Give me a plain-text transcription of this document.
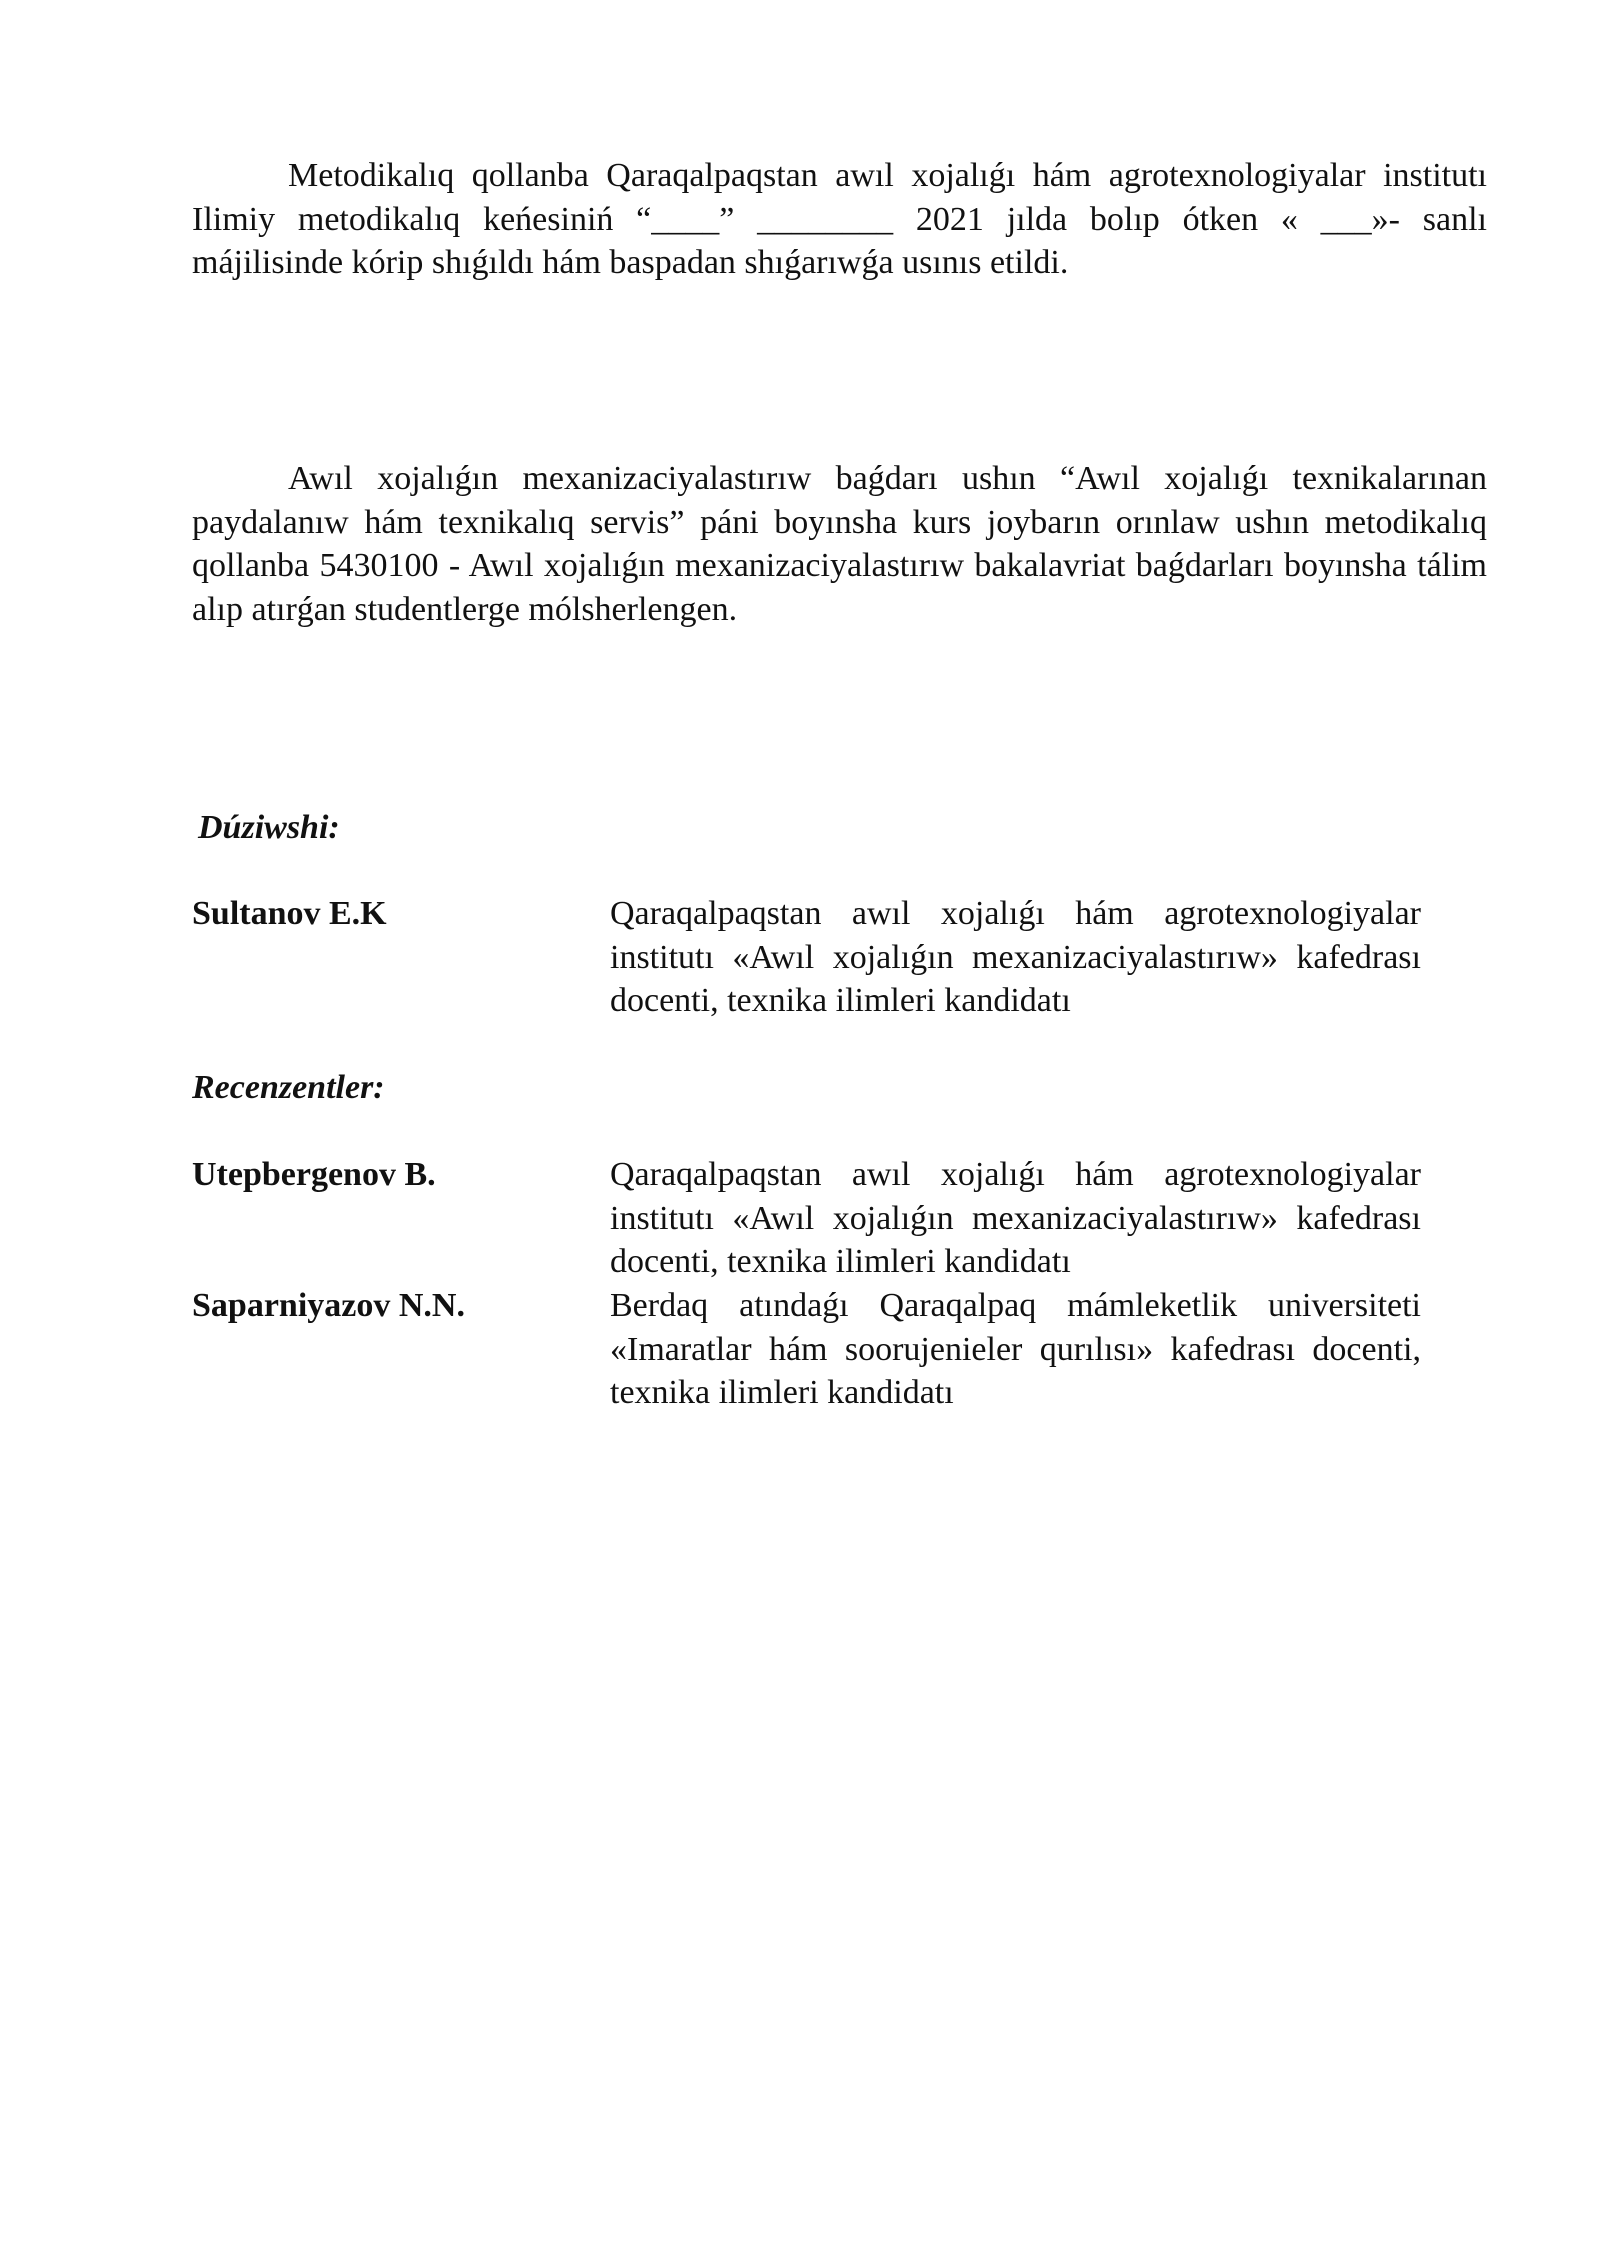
Metodikalıq qollanba Qaraqalpaqstan awıl xojalıǵı hám agrotexnologiyalar institutı Ilimiy metodikalıq keńesiniń “____” ________ 2021 jılda bolıp ótken « ___»- sanlı májilisinde kórip shıǵıldı hám baspadan shıǵarıwǵa usınıs etildi.

Awıl xojalıǵın mexanizaciyalastırıw baǵdarı ushın “Awıl xojalıǵı texnikalarınan paydalanıw hám texnikalıq servis” páni boyınsha kurs joybarın orınlaw ushın metodikalıq qollanba 5430100 - Awıl xojalıǵın mexanizaciyalastırıw bakalavriat baǵdarları boyınsha tálim alıp atırǵan studentlerge mólsherlengen.

Dúziwshi:
Sultanov E.K	Qaraqalpaqstan awıl xojalıǵı hám agrotexnologiyalar institutı «Awıl xojalıǵın mexanizaciyalastırıw» kafedrası docenti, texnika ilimleri kandidatı

Recenzentler:
Utepbergenov B.	Qaraqalpaqstan awıl xojalıǵı hám agrotexnologiyalar institutı «Awıl xojalıǵın mexanizaciyalastırıw» kafedrası docenti, texnika ilimleri kandidatı

Saparniyazov N.N.	Berdaq atındaǵı Qaraqalpaq mámleketlik universiteti «Imaratlar hám soorujenieler qurılısı» kafedrası docenti, texnika ilimleri kandidatı
